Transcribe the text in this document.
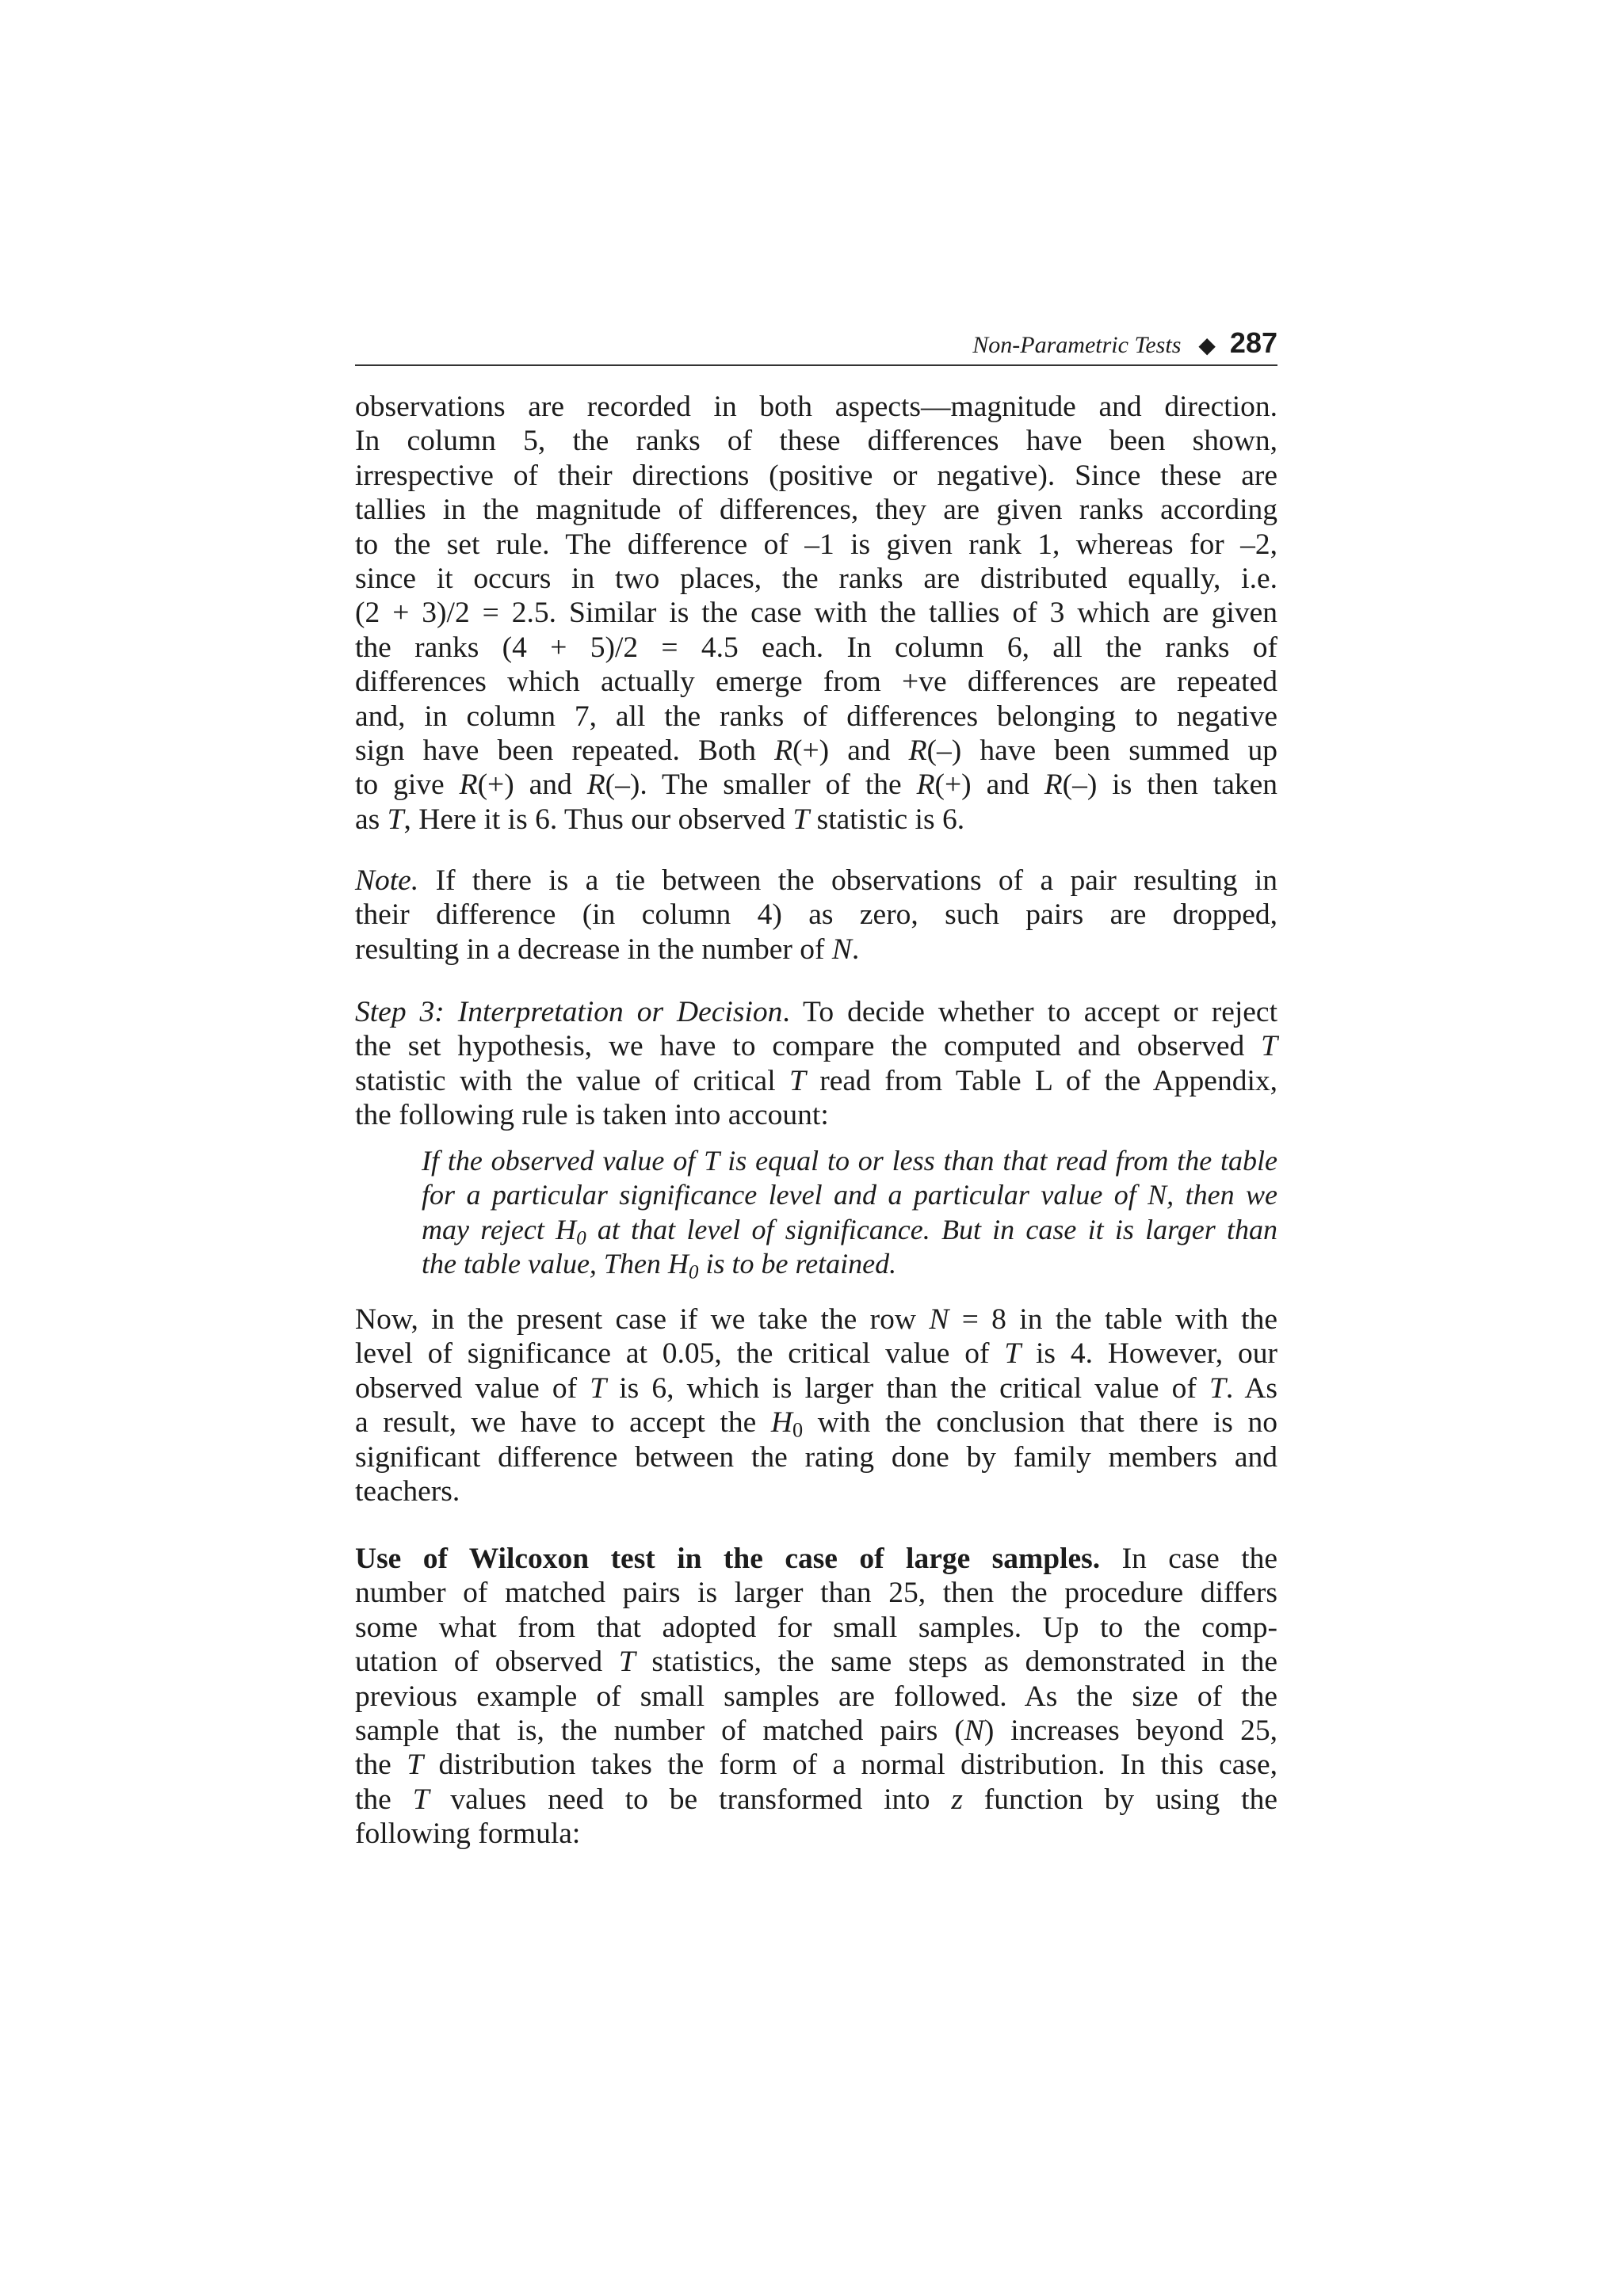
Non-Parametric Tests ◆ 287
observations are recorded in both aspects—magnitude and direction.
In column 5, the ranks of these differences have been shown,
irrespective of their directions (positive or negative). Since these are
tallies in the magnitude of differences, they are given ranks according
to the set rule. The difference of –1 is given rank 1, whereas for –2,
since it occurs in two places, the ranks are distributed equally, i.e.
(2 + 3)/2 = 2.5. Similar is the case with the tallies of 3 which are given
the ranks (4 + 5)/2 = 4.5 each. In column 6, all the ranks of
differences which actually emerge from +ve differences are repeated
and, in column 7, all the ranks of differences belonging to negative
sign have been repeated. Both R(+) and R(–) have been summed up
to give R(+) and R(–). The smaller of the R(+) and R(–) is then taken
as T, Here it is 6. Thus our observed T statistic is 6.
Note. If there is a tie between the observations of a pair resulting in
their difference (in column 4) as zero, such pairs are dropped,
resulting in a decrease in the number of N.
Step 3: Interpretation or Decision. To decide whether to accept or reject
the set hypothesis, we have to compare the computed and observed T
statistic with the value of critical T read from Table L of the Appendix,
the following rule is taken into account:
If the observed value of T is equal to or less than that read from the table
for a particular significance level and a particular value of N, then we
may reject $H_0$ at that level of significance. But in case it is larger than
the table value, Then $H_0$ is to be retained.
Now, in the present case if we take the row N = 8 in the table with the
level of significance at 0.05, the critical value of T is 4. However, our
observed value of T is 6, which is larger than the critical value of T. As
a result, we have to accept the $H_0$ with the conclusion that there is no
significant difference between the rating done by family members and
teachers.
Use of Wilcoxon test in the case of large samples. In case the
number of matched pairs is larger than 25, then the procedure differs
some what from that adopted for small samples. Up to the comp-
utation of observed T statistics, the same steps as demonstrated in the
previous example of small samples are followed. As the size of the
sample that is, the number of matched pairs (N) increases beyond 25,
the T distribution takes the form of a normal distribution. In this case,
the T values need to be transformed into z function by using the
following formula:
